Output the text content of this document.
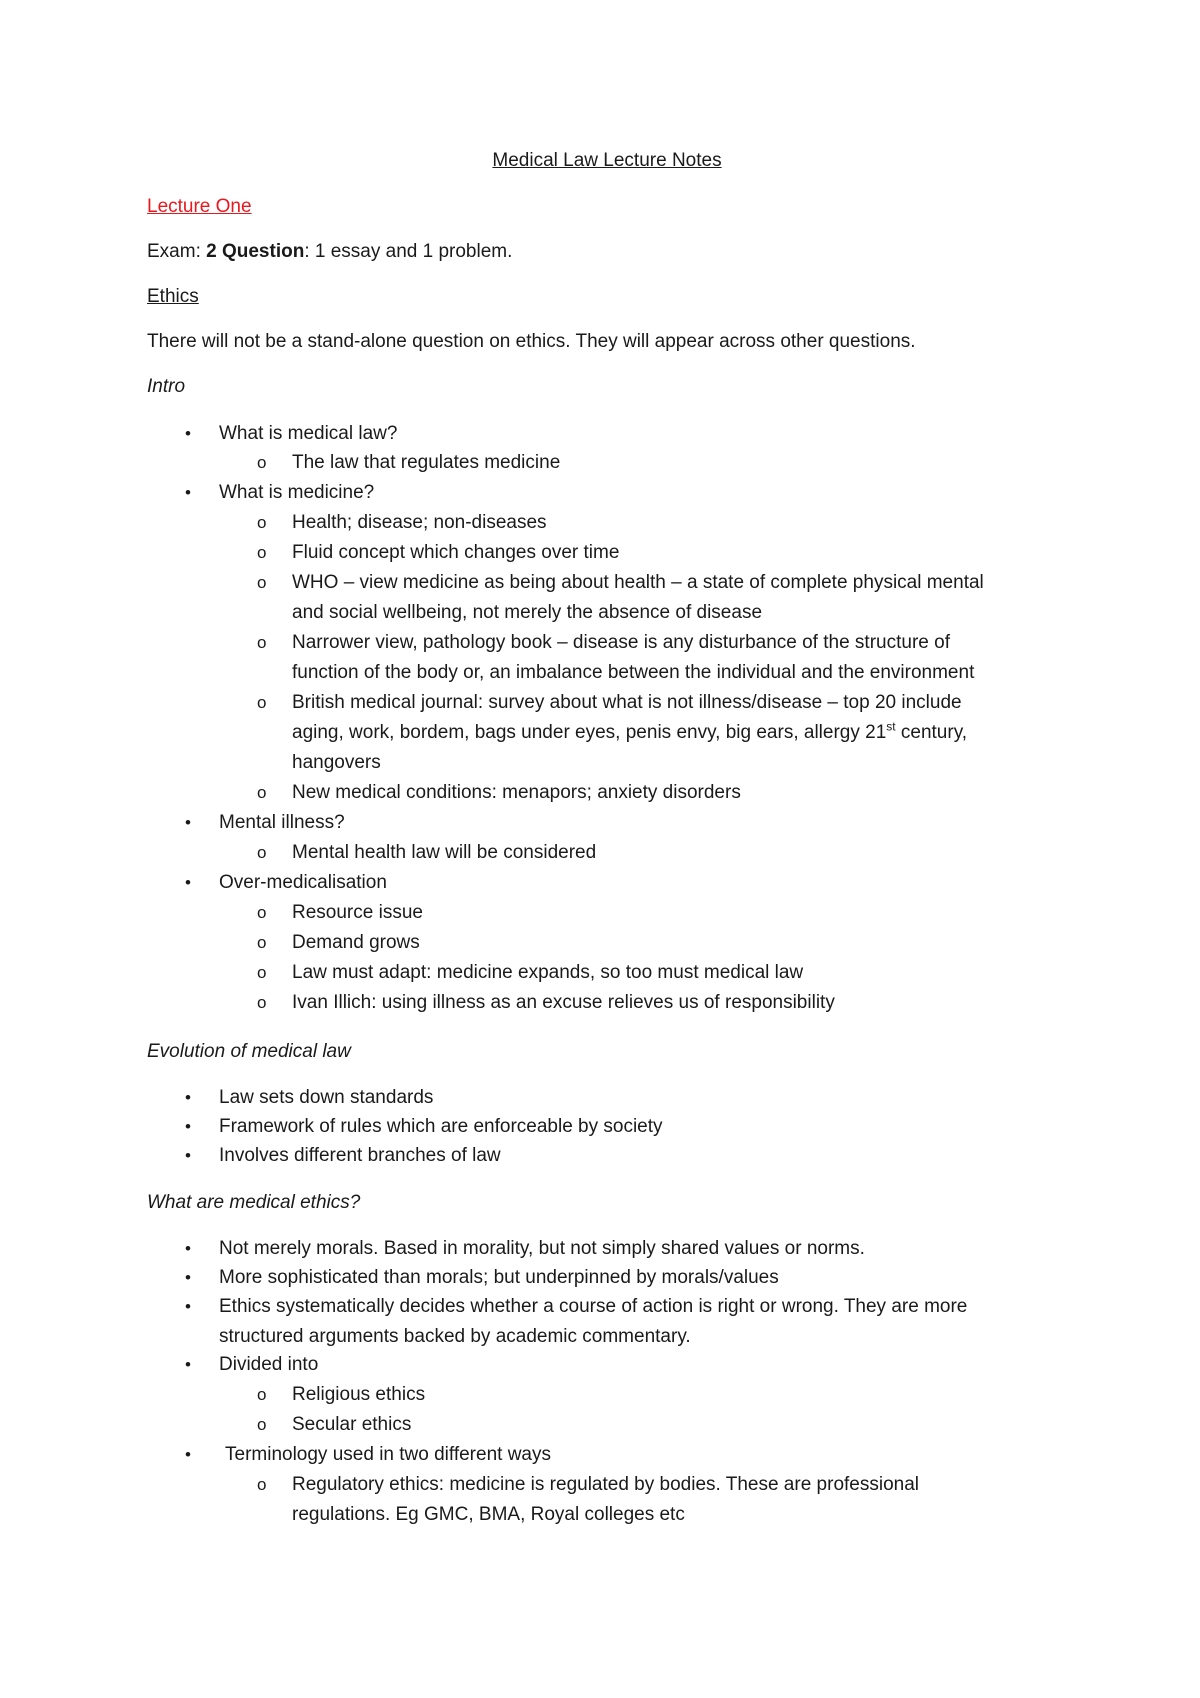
Medical Law Lecture Notes

Lecture One

Exam: 2 Question: 1 essay and 1 problem.

Ethics

There will not be a stand-alone question on ethics. They will appear across other questions.

Intro

•	What is medical law?
o	The law that regulates medicine
•	What is medicine?
o	Health; disease; non-diseases
o	Fluid concept which changes over time
o	WHO – view medicine as being about health – a state of complete physical mental
and social wellbeing, not merely the absence of disease
o	Narrower view, pathology book – disease is any disturbance of the structure of
function of the body or, an imbalance between the individual and the environment
o	British medical journal: survey about what is not illness/disease – top 20 include
aging, work, bordem, bags under eyes, penis envy, big ears, allergy 21st century,
hangovers
o	New medical conditions: menapors; anxiety disorders
•	Mental illness?
o	Mental health law will be considered
•	Over-medicalisation
o	Resource issue
o	Demand grows
o	Law must adapt: medicine expands, so too must medical law
o	Ivan Illich: using illness as an excuse relieves us of responsibility

Evolution of medical law

•	Law sets down standards
•	Framework of rules which are enforceable by society
•	Involves different branches of law

What are medical ethics?

•	Not merely morals. Based in morality, but not simply shared values or norms.
•	More sophisticated than morals; but underpinned by morals/values
•	Ethics systematically decides whether a course of action is right or wrong. They are more
structured arguments backed by academic commentary.
•	Divided into
o	Religious ethics
o	Secular ethics
•	Terminology used in two different ways
o	Regulatory ethics: medicine is regulated by bodies. These are professional
regulations. Eg GMC, BMA, Royal colleges etc
